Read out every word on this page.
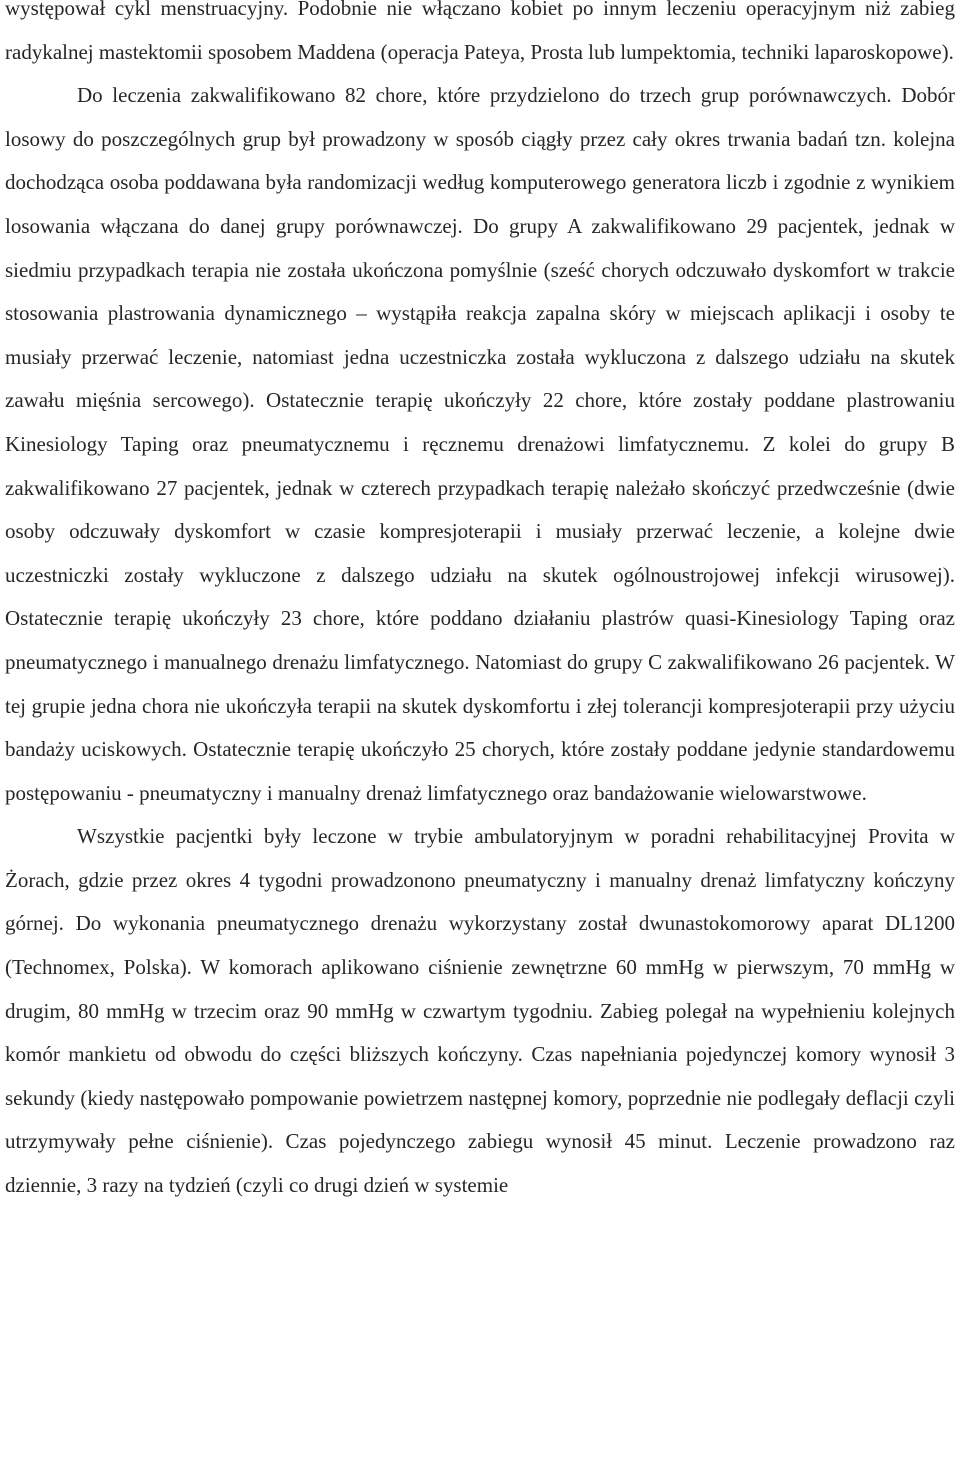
występował cykl menstruacyjny. Podobnie nie włączano kobiet po innym leczeniu operacyjnym niż zabieg radykalnej mastektomii sposobem Maddena (operacja Pateya, Prosta lub lumpektomia, techniki laparoskopowe).

Do leczenia zakwalifikowano 82 chore, które przydzielono do trzech grup porównawczych. Dobór losowy do poszczególnych grup był prowadzony w sposób ciągły przez cały okres trwania badań tzn. kolejna dochodząca osoba poddawana była randomizacji według komputerowego generatora liczb i zgodnie z wynikiem losowania włączana do danej grupy porównawczej. Do grupy A zakwalifikowano 29 pacjentek, jednak w siedmiu przypadkach terapia nie została ukończona pomyślnie (sześć chorych odczuwało dyskomfort w trakcie stosowania plastrowania dynamicznego – wystąpiła reakcja zapalna skóry w miejscach aplikacji i osoby te musiały przerwać leczenie, natomiast jedna uczestniczka została wykluczona z dalszego udziału na skutek zawału mięśnia sercowego). Ostatecznie terapię ukończyły 22 chore, które zostały poddane plastrowaniu Kinesiology Taping oraz pneumatycznemu i ręcznemu drenażowi limfatycznemu. Z kolei do grupy B zakwalifikowano 27 pacjentek, jednak w czterech przypadkach terapię należało skończyć przedwcześnie (dwie osoby odczuwały dyskomfort w czasie kompresjoterapii i musiały przerwać leczenie, a kolejne dwie uczestniczki zostały wykluczone z dalszego udziału na skutek ogólnoustrojowej infekcji wirusowej). Ostatecznie terapię ukończyły 23 chore, które poddano działaniu plastrów quasi-Kinesiology Taping oraz pneumatycznego i manualnego drenażu limfatycznego. Natomiast do grupy C zakwalifikowano 26 pacjentek. W tej grupie jedna chora nie ukończyła terapii na skutek dyskomfortu i złej tolerancji kompresjoterapii przy użyciu bandaży uciskowych. Ostatecznie terapię ukończyło 25 chorych, które zostały poddane jedynie standardowemu postępowaniu - pneumatyczny i manualny drenaż limfatycznego oraz bandażowanie wielowarstwowe.

Wszystkie pacjentki były leczone w trybie ambulatoryjnym w poradni rehabilitacyjnej Provita w Żorach, gdzie przez okres 4 tygodni prowadzonono pneumatyczny i manualny drenaż limfatyczny kończyny górnej. Do wykonania pneumatycznego drenażu wykorzystany został dwunastokomorowy aparat DL1200 (Technomex, Polska). W komorach aplikowano ciśnienie zewnętrzne 60 mmHg w pierwszym, 70 mmHg w drugim, 80 mmHg w trzecim oraz 90 mmHg w czwartym tygodniu. Zabieg polegał na wypełnieniu kolejnych komór mankietu od obwodu do części bliższych kończyny. Czas napełniania pojedynczej komory wynosił 3 sekundy (kiedy następowało pompowanie powietrzem następnej komory, poprzednie nie podlegały deflacji czyli utrzymywały pełne ciśnienie). Czas pojedynczego zabiegu wynosił 45 minut. Leczenie prowadzono raz dziennie, 3 razy na tydzień (czyli co drugi dzień w systemie
